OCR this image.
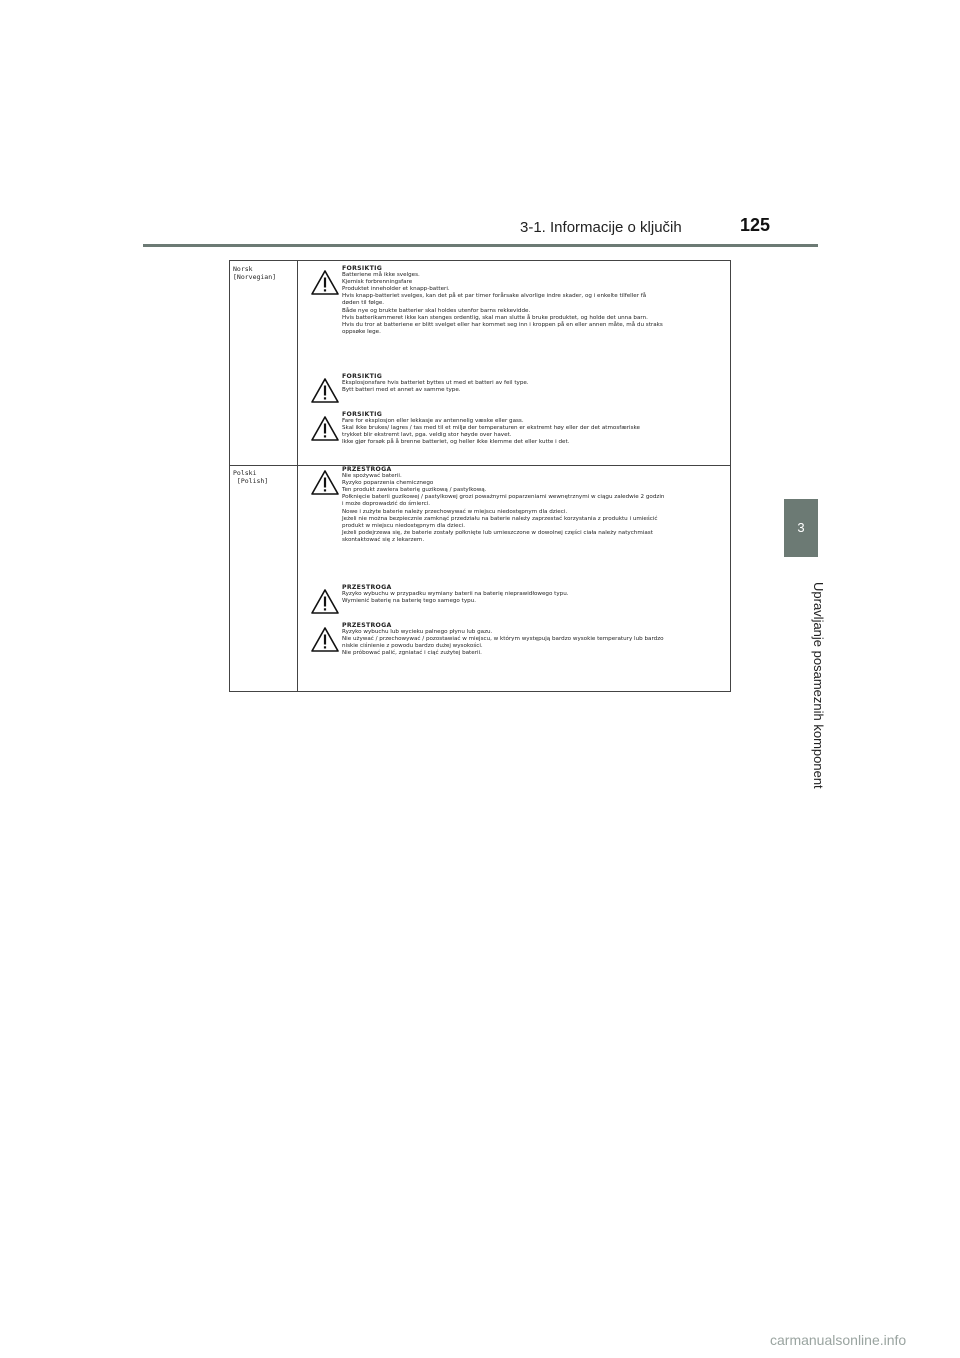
3-1. Informacije o ključih	125
3
Upravljanje posameznih komponent
Norsk
[Norvegian]
FORSIKTIG
Batteriene må ikke svelges.
Kjemisk forbrenningsfare
Produktet inneholder et knapp-batteri.
Hvis knapp-batteriet svelges, kan det på et par timer forårsake alvorlige indre skader, og i enkelte tilfeller få
døden til følge.
Både nye og brukte batterier skal holdes utenfor barns rekkevidde.
Hvis batterikammeret ikke kan stenges ordentlig, skal man slutte å bruke produktet, og holde det unna barn.
Hvis du tror at batteriene er blitt svelget eller har kommet seg inn i kroppen på en eller annen måte, må du straks
oppsøke lege.
FORSIKTIG
Eksplosjonsfare hvis batteriet byttes ut med et batteri av feil type.
Bytt batteri med et annet av samme type.
FORSIKTIG
Fare for eksplosjon eller lekkasje av antennelig væske eller gass.
Skal ikke brukes/ lagres / tas med til et miljø der temperaturen er ekstremt høy eller der det atmosfæriske
trykket blir ekstremt lavt, pga. veldig stor høyde over havet.
Ikke gjør forsøk på å brenne batteriet, og heller ikke klemme det eller kutte i det.
Polski
[Polish]
PRZESTROGA
Nie spożywać baterii.
Ryzyko poparzenia chemicznego
Ten produkt zawiera baterię guzikową / pastylkową.
Połknięcie baterii guzikowej / pastylkowej grozi poważnymi poparzeniami wewnętrznymi w ciągu zaledwie 2 godzin
i może doprowadzić do śmierci.
Nowe i zużyte baterie należy przechowywać w miejscu niedostępnym dla dzieci.
Jeżeli nie można bezpiecznie zamknąć przedziału na baterie należy zaprzestać korzystania z produktu i umieścić
produkt w miejscu niedostępnym dla dzieci.
Jeżeli podejrzewa się, że baterie zostały połknięte lub umieszczone w dowolnej części ciała należy natychmiast
skontaktować się z lekarzem.
PRZESTROGA
Ryzyko wybuchu w przypadku wymiany baterii na baterię nieprawidłowego typu.
Wymienić baterię na baterię tego samego typu.
PRZESTROGA
Ryzyko wybuchu lub wycieku palnego płynu lub gazu.
Nie używać / przechowywać / pozostawiać w miejscu, w którym występują bardzo wysokie temperatury lub bardzo
niskie ciśnienie z powodu bardzo dużej wysokości.
Nie próbować palić, zgniatać i ciąć zużytej baterii.
carmanualsonline.info
